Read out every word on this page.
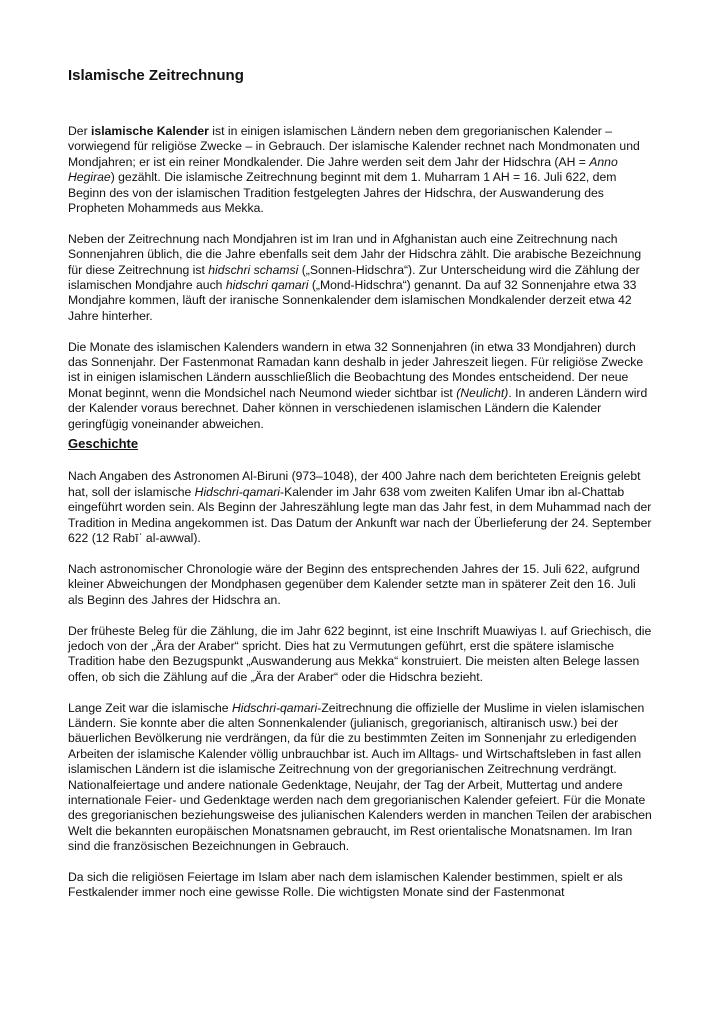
Islamische Zeitrechnung

Der islamische Kalender ist in einigen islamischen Ländern neben dem gregorianischen Kalender – vorwiegend für religiöse Zwecke – in Gebrauch. Der islamische Kalender rechnet nach Mondmonaten und Mondjahren; er ist ein reiner Mondkalender. Die Jahre werden seit dem Jahr der Hidschra (AH = Anno Hegirae) gezählt. Die islamische Zeitrechnung beginnt mit dem 1. Muharram 1 AH = 16. Juli 622, dem Beginn des von der islamischen Tradition festgelegten Jahres der Hidschra, der Auswanderung des Propheten Mohammeds aus Mekka.

Neben der Zeitrechnung nach Mondjahren ist im Iran und in Afghanistan auch eine Zeitrechnung nach Sonnenjahren üblich, die die Jahre ebenfalls seit dem Jahr der Hidschra zählt. Die arabische Bezeichnung für diese Zeitrechnung ist hidschri schamsi („Sonnen-Hidschra“). Zur Unterscheidung wird die Zählung der islamischen Mondjahre auch hidschri qamari („Mond-Hidschra“) genannt. Da auf 32 Sonnenjahre etwa 33 Mondjahre kommen, läuft der iranische Sonnenkalender dem islamischen Mondkalender derzeit etwa 42 Jahre hinterher.

Die Monate des islamischen Kalenders wandern in etwa 32 Sonnenjahren (in etwa 33 Mondjahren) durch das Sonnenjahr. Der Fastenmonat Ramadan kann deshalb in jeder Jahreszeit liegen. Für religiöse Zwecke ist in einigen islamischen Ländern ausschließlich die Beobachtung des Mondes entscheidend. Der neue Monat beginnt, wenn die Mondsichel nach Neumond wieder sichtbar ist (Neulicht). In anderen Ländern wird der Kalender voraus berechnet. Daher können in verschiedenen islamischen Ländern die Kalender geringfügig voneinander abweichen.

Geschichte

Nach Angaben des Astronomen Al-Biruni (973–1048), der 400 Jahre nach dem berichteten Ereignis gelebt hat, soll der islamische Hidschri-qamari-Kalender im Jahr 638 vom zweiten Kalifen Umar ibn al-Chattab eingeführt worden sein. Als Beginn der Jahreszählung legte man das Jahr fest, in dem Muhammad nach der Tradition in Medina angekommen ist. Das Datum der Ankunft war nach der Überlieferung der 24. September 622 (12 Rabīʿ al-awwal).

Nach astronomischer Chronologie wäre der Beginn des entsprechenden Jahres der 15. Juli 622, aufgrund kleiner Abweichungen der Mondphasen gegenüber dem Kalender setzte man in späterer Zeit den 16. Juli als Beginn des Jahres der Hidschra an.

Der früheste Beleg für die Zählung, die im Jahr 622 beginnt, ist eine Inschrift Muawiyas I. auf Griechisch, die jedoch von der „Ära der Araber“ spricht. Dies hat zu Vermutungen geführt, erst die spätere islamische Tradition habe den Bezugspunkt „Auswanderung aus Mekka“ konstruiert. Die meisten alten Belege lassen offen, ob sich die Zählung auf die „Ära der Araber“ oder die Hidschra bezieht.

Lange Zeit war die islamische Hidschri-qamari-Zeitrechnung die offizielle der Muslime in vielen islamischen Ländern. Sie konnte aber die alten Sonnenkalender (julianisch, gregorianisch, altiranisch usw.) bei der bäuerlichen Bevölkerung nie verdrängen, da für die zu bestimmten Zeiten im Sonnenjahr zu erledigenden Arbeiten der islamische Kalender völlig unbrauchbar ist. Auch im Alltags- und Wirtschaftsleben in fast allen islamischen Ländern ist die islamische Zeitrechnung von der gregorianischen Zeitrechnung verdrängt. Nationalfeiertage und andere nationale Gedenktage, Neujahr, der Tag der Arbeit, Muttertag und andere internationale Feier- und Gedenktage werden nach dem gregorianischen Kalender gefeiert. Für die Monate des gregorianischen beziehungsweise des julianischen Kalenders werden in manchen Teilen der arabischen Welt die bekannten europäischen Monatsnamen gebraucht, im Rest orientalische Monatsnamen. Im Iran sind die französischen Bezeichnungen in Gebrauch.

Da sich die religiösen Feiertage im Islam aber nach dem islamischen Kalender bestimmen, spielt er als Festkalender immer noch eine gewisse Rolle. Die wichtigsten Monate sind der Fastenmonat
